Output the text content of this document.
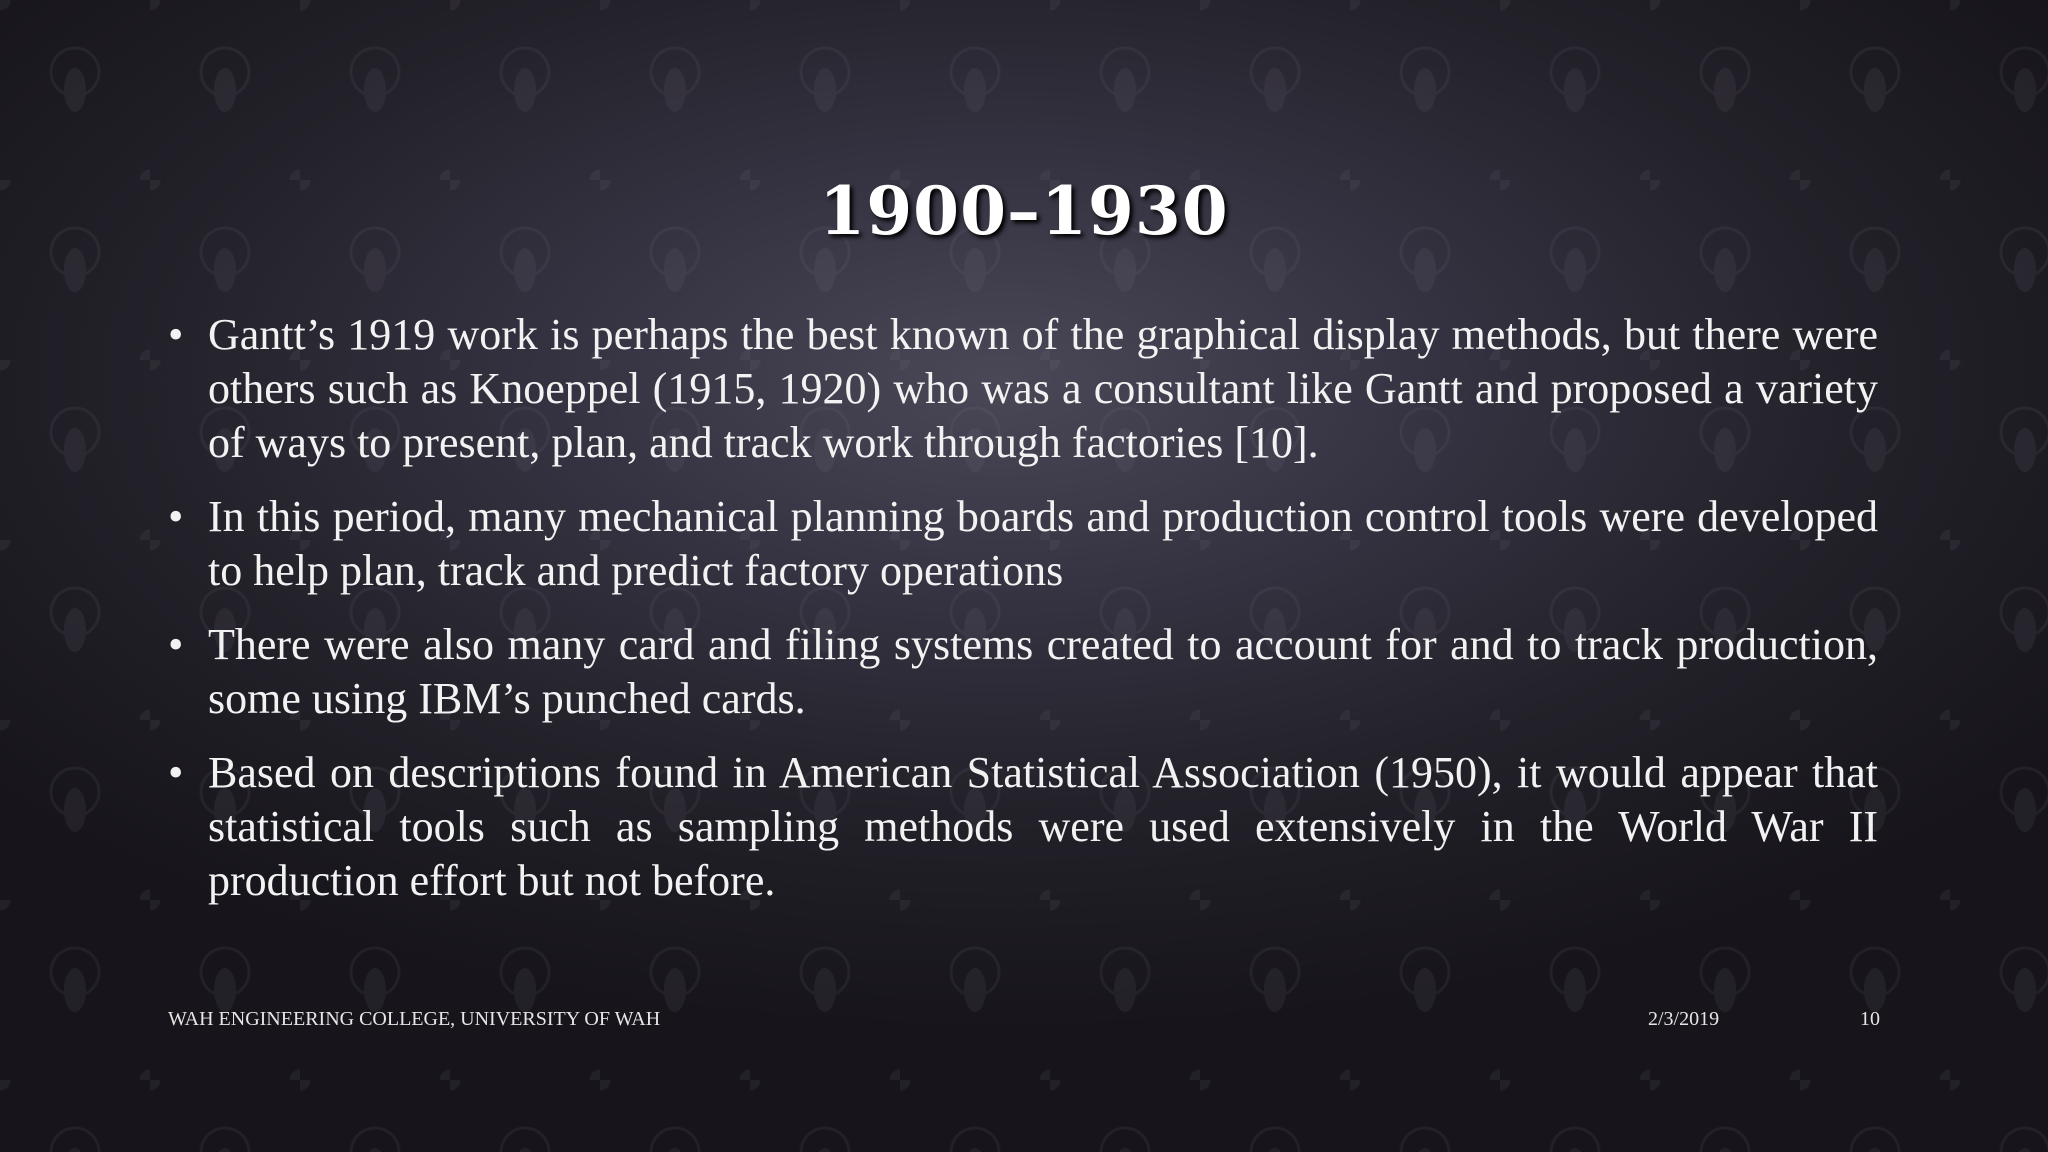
1900–1930
• Gantt’s 1919 work is perhaps the best known of the graphical display methods, but there were others such as Knoeppel (1915, 1920) who was a consultant like Gantt and proposed a variety of ways to present, plan, and track work through factories [10].
• In this period, many mechanical planning boards and production control tools were developed to help plan, track and predict factory operations
• There were also many card and filing systems created to account for and to track production, some using IBM’s punched cards.
• Based on descriptions found in American Statistical Association (1950), it would appear that statistical tools such as sampling methods were used extensively in the World War II production effort but not before.
WAH ENGINEERING COLLEGE, UNIVERSITY OF WAH	2/3/2019	10
